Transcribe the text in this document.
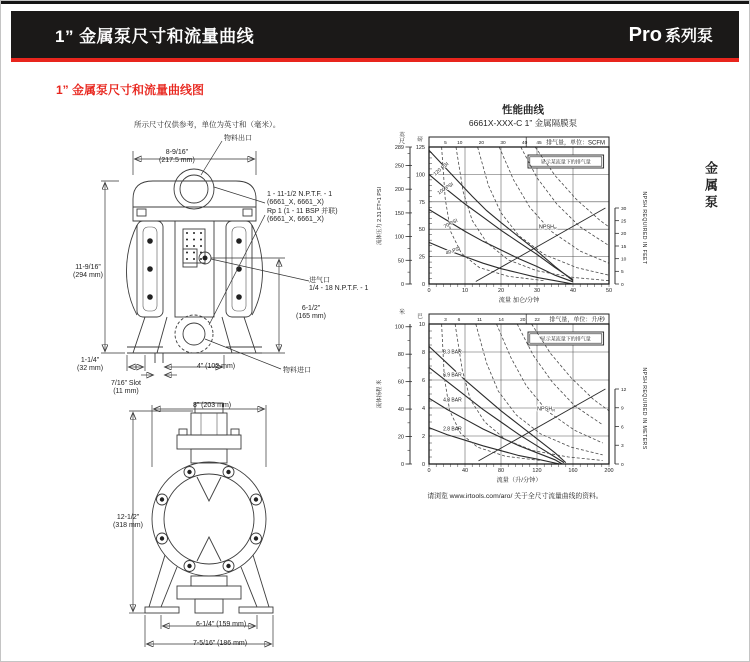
1” 金属泵尺寸和流量曲线	Pro 系列泵
1” 金属泵尺寸和流量曲线图
金属泵
所示尺寸仅供参考，单位为英寸和（毫米）。
物料出口
8-9/16”
(217.5 mm)
1 - 11-1/2 N.P.T.F. - 1
(6661_X, 6661_X)
Rp 1 (1 - 11 BSP 并联)
(6661_X, 6661_X)
11-9/16”
(294 mm)
进气口
1/4 - 18 N.P.T.F. - 1
6-1/2”
(165 mm)
1-1/4”
(32 mm)	4” (102 mm)
物料进口
7/16” Slot
(11 mm)
8” (203 mm)
12-1/2”
(318 mm)
6-1/4” (159 mm)
7-5/16” (186 mm)
性能曲线
6661X-XXX-C 1” 金属隔膜泵
0
50
100
150
200
250
289
英尺 磅
流体压力 2.31 FT=1 PSI
0
25
50
75
100
125
0	10	20	30	40	50
流量 加仑/分钟
5 10	20	30	40 45 排气量，单位：SCFM
显示某流量下的排气量
120 PSI
100 PSI
70 PSI
40 PSI
0
5
10
15
20
25
30
$NPSH_R$	NPSH REQUIRED IN FEET
0
20
40
60
80
100
米
巴
流体扬程 米
0
2
4
6
8
10
0	40	80	120	160	200
流量（升/分钟）
3 6	11	14	20 22 排气量，单位：升/秒
显示某流量下的排气量
8.3 BAR
6.9 BAR
4.8 BAR
2.8 BAR
0
3
6
9
12
$NPSH_R$	NPSH REQUIRED IN METERS
请浏览 www.irtools.com/aro/ 关于全尺寸流量曲线的资料。
